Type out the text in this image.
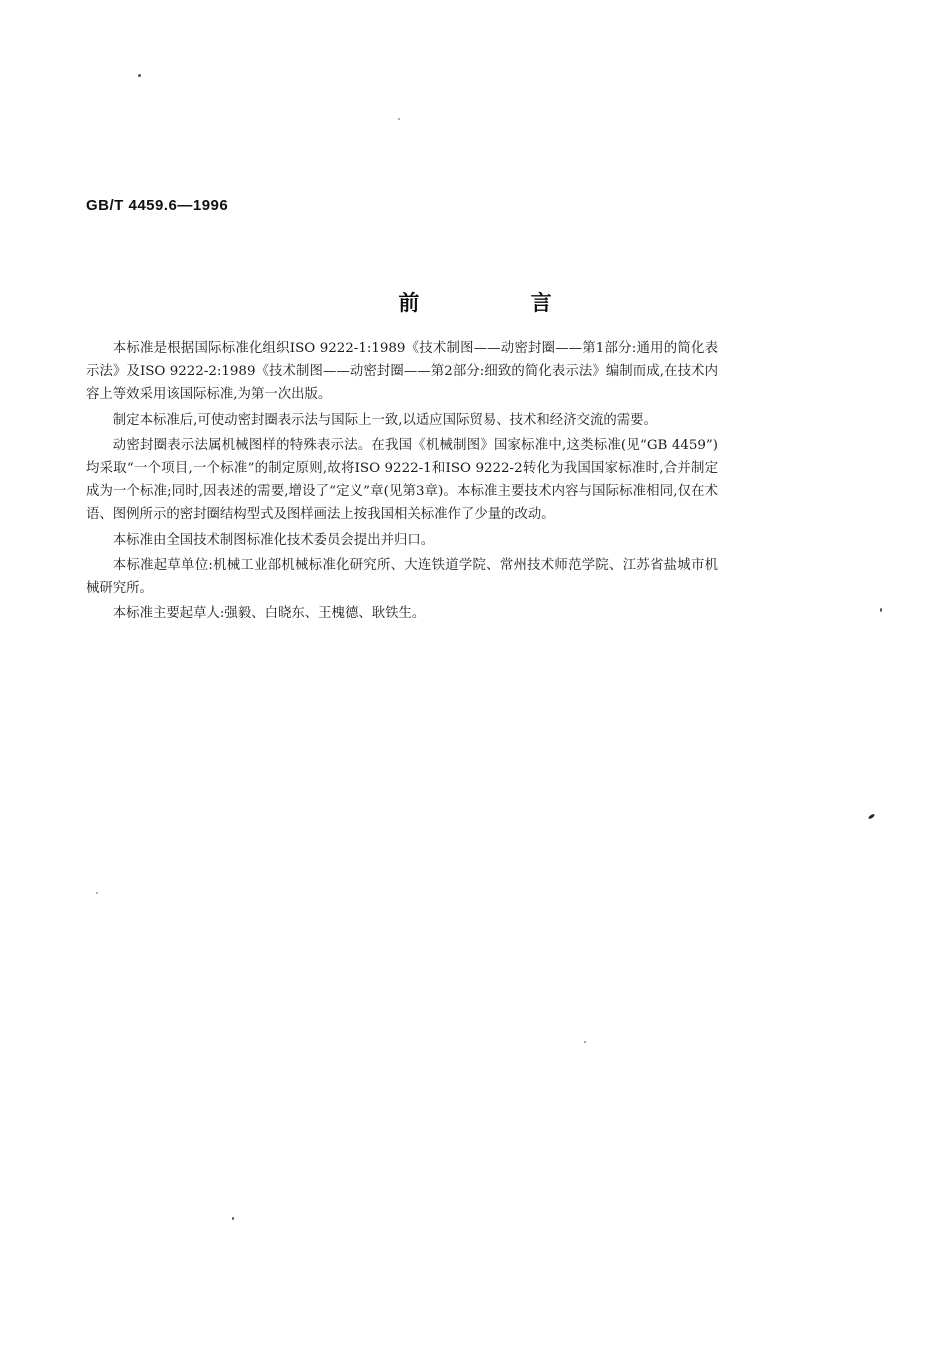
GB/T 4459.6—1996
前 言

本标准是根据国际标准化组织ISO 9222-1:1989《技术制图——动密封圈——第1部分:通用的简化表示法》及ISO 9222-2:1989《技术制图——动密封圈——第2部分:细致的简化表示法》编制而成,在技术内容上等效采用该国际标准,为第一次出版。

制定本标准后,可使动密封圈表示法与国际上一致,以适应国际贸易、技术和经济交流的需要。

动密封圈表示法属机械图样的特殊表示法。在我国《机械制图》国家标准中,这类标准(见“GB 4459”)均采取“一个项目,一个标准”的制定原则,故将ISO 9222-1和ISO 9222-2转化为我国国家标准时,合并制定成为一个标准;同时,因表述的需要,增设了“定义”章(见第3章)。本标准主要技术内容与国际标准相同,仅在术语、图例所示的密封圈结构型式及图样画法上按我国相关标准作了少量的改动。

本标准由全国技术制图标准化技术委员会提出并归口。

本标准起草单位:机械工业部机械标准化研究所、大连铁道学院、常州技术师范学院、江苏省盐城市机械研究所。

本标准主要起草人:强毅、白晓东、王槐德、耿铁生。
